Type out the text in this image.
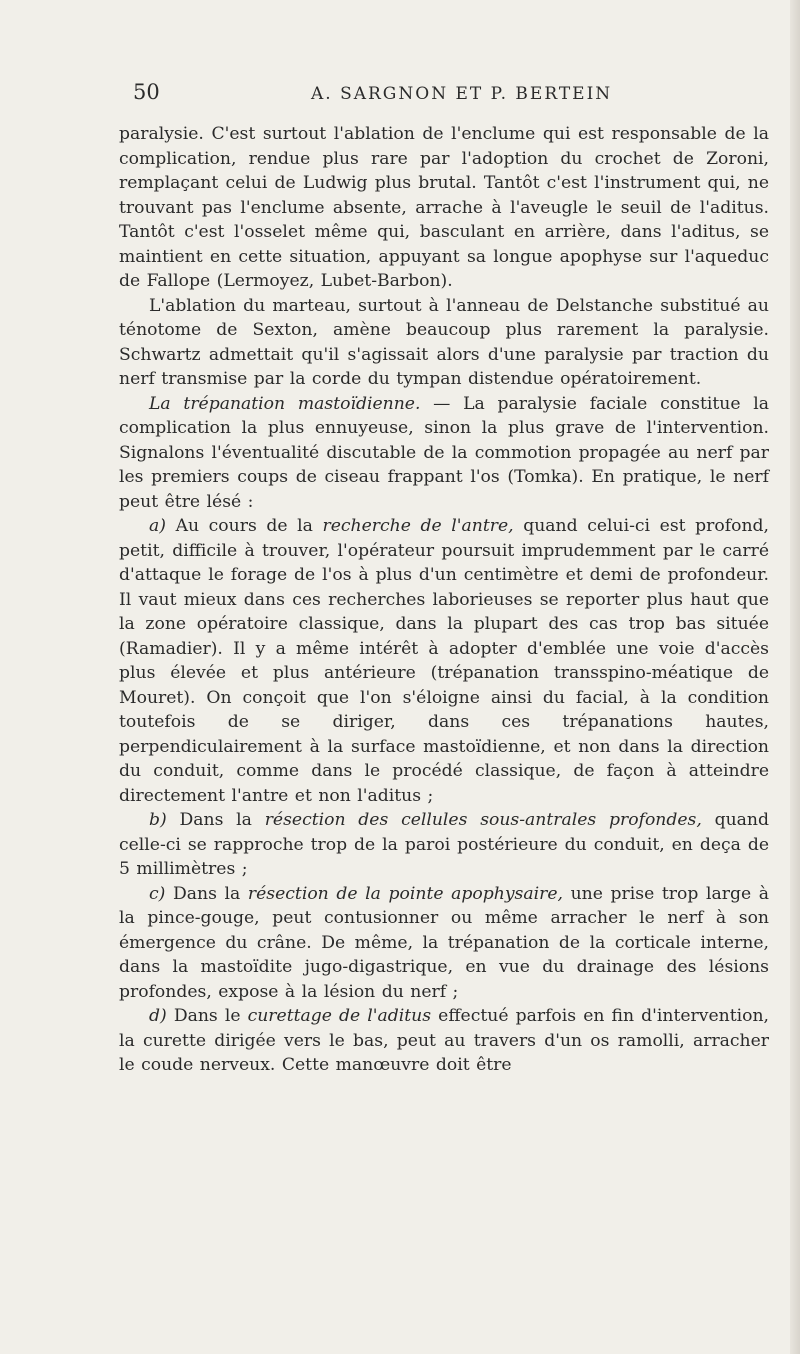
50	A. SARGNON ET P. BERTEIN

paralysie. C'est surtout l'ablation de l'enclume qui est responsable de la complication, rendue plus rare par l'adoption du crochet de Zoroni, remplaçant celui de Ludwig plus brutal. Tantôt c'est l'instrument qui, ne trouvant pas l'enclume absente, arrache à l'aveugle le seuil de l'aditus. Tantôt c'est l'osselet même qui, basculant en arrière, dans l'aditus, se maintient en cette situation, appuyant sa longue apophyse sur l'aqueduc de Fallope (Lermoyez, Lubet-Barbon).

L'ablation du marteau, surtout à l'anneau de Delstanche substitué au ténotome de Sexton, amène beaucoup plus rarement la paralysie. Schwartz admettait qu'il s'agissait alors d'une paralysie par traction du nerf transmise par la corde du tympan distendue opératoirement.

La trépanation mastoïdienne. — La paralysie faciale constitue la complication la plus ennuyeuse, sinon la plus grave de l'intervention. Signalons l'éventualité discutable de la commotion propagée au nerf par les premiers coups de ciseau frappant l'os (Tomka). En pratique, le nerf peut être lésé :

a) Au cours de la recherche de l'antre, quand celui-ci est profond, petit, difficile à trouver, l'opérateur poursuit imprudemment par le carré d'attaque le forage de l'os à plus d'un centimètre et demi de profondeur. Il vaut mieux dans ces recherches laborieuses se reporter plus haut que la zone opératoire classique, dans la plupart des cas trop bas située (Ramadier). Il y a même intérêt à adopter d'emblée une voie d'accès plus élevée et plus antérieure (trépanation transspino-méatique de Mouret). On conçoit que l'on s'éloigne ainsi du facial, à la condition toutefois de se diriger, dans ces trépanations hautes, perpendiculairement à la surface mastoïdienne, et non dans la direction du conduit, comme dans le procédé classique, de façon à atteindre directement l'antre et non l'aditus ;

b) Dans la résection des cellules sous-antrales profondes, quand celle-ci se rapproche trop de la paroi postérieure du conduit, en deça de 5 millimètres ;

c) Dans la résection de la pointe apophysaire, une prise trop large à la pince-gouge, peut contusionner ou même arracher le nerf à son émergence du crâne. De même, la trépanation de la corticale interne, dans la mastoïdite jugo-digastrique, en vue du drainage des lésions profondes, expose à la lésion du nerf ;

d) Dans le curettage de l'aditus effectué parfois en fin d'intervention, la curette dirigée vers le bas, peut au travers d'un os ramolli, arracher le coude nerveux. Cette manœuvre doit être
